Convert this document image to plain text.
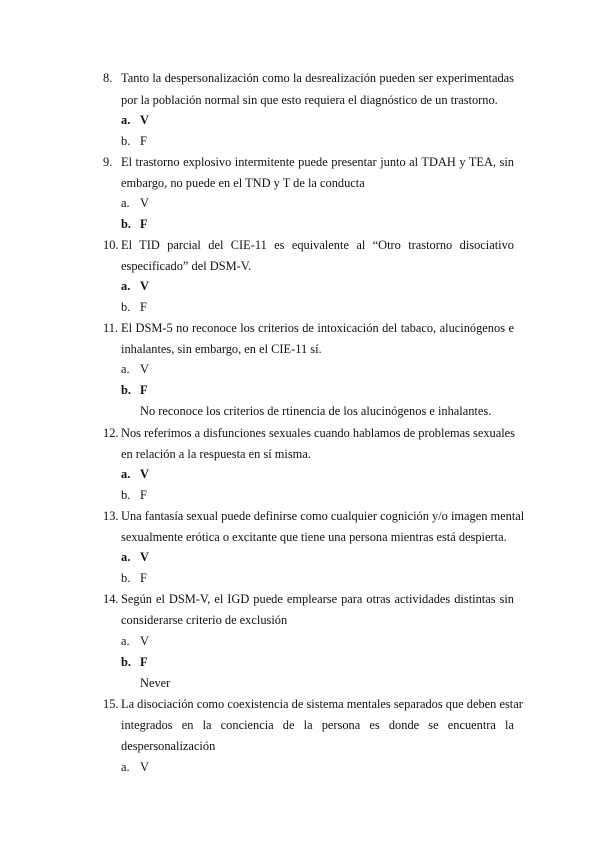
8. Tanto la despersonalización como la desrealización pueden ser experimentadas
por la población normal sin que esto requiera el diagnóstico de un trastorno.
a. V
b. F
9. El trastorno explosivo intermitente puede presentar junto al TDAH y TEA, sin
embargo, no puede en el TND y T de la conducta
a. V
b. F
10. El TID parcial del CIE-11 es equivalente al “Otro trastorno disociativo
especificado” del DSM-V.
a. V
b. F
11. El DSM-5 no reconoce los criterios de intoxicación del tabaco, alucinógenos e
inhalantes, sin embargo, en el CIE-11 sí.
a. V
b. F
No reconoce los criterios de rtinencia de los alucinógenos e inhalantes.
12. Nos referimos a disfunciones sexuales cuando hablamos de problemas sexuales
en relación a la respuesta en sí misma.
a. V
b. F
13. Una fantasía sexual puede definirse como cualquier cognición y/o imagen mental
sexualmente erótica o excitante que tiene una persona mientras está despierta.
a. V
b. F
14. Según el DSM-V, el IGD puede emplearse para otras actividades distintas sin
considerarse criterio de exclusión
a. V
b. F
Never
15. La disociación como coexistencia de sistema mentales separados que deben estar
integrados en la conciencia de la persona es donde se encuentra la
despersonalización
a. V
